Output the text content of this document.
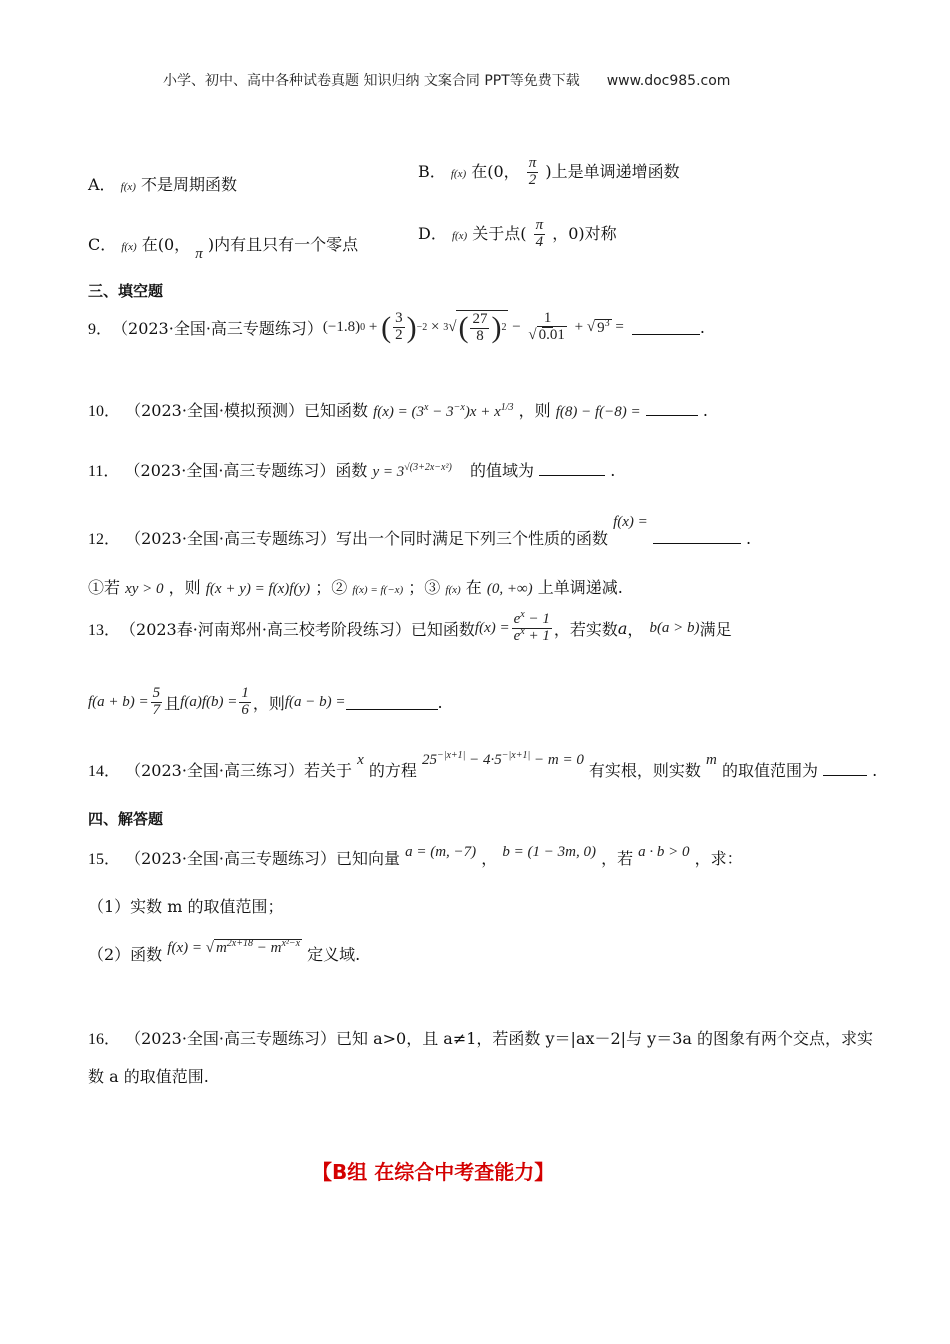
小学、初中、高中各种试卷真题 知识归纳 文案合同 PPT等免费下载 www.doc985.com
A． f(x) 不是周期函数
B． f(x) 在(0， $\frac{\pi}{2}$ )上是单调递增函数
C． f(x) 在(0， π )内有且只有一个零点
D． f(x) 关于点( $\frac{\pi}{4}$ ，0)对称
三、填空题
9． （2023·全国·高三专题练习） (−1.8) 0 + ( $\frac{3}{2}$ ) −2 × 3 √ ( $\frac{27}{8}$ ) $2 - \frac{1}{√ 0.01}$ + √ $9^3$ =	.
10． （2023·全国·模拟预测）已知函数 $f(x) = (3^x - 3^{-x})x + x^{1/3}$ ，则 f(8) − f(−8) =	.
11． （2023·全国·高三专题练习）函数 $y = 3^{√(3+2x-x^2)}$ 的值域为	.
12． （2023·全国·高三专题练习）写出一个同时满足下列三个性质的函数 f(x) =  .
①若 xy > 0 ，则 f(x + y) = f(x)f(y) ；② f(x) = f(−x) ；③ f(x) 在 (0, +∞) 上单调递减.
13． （2023春·河南郑州·高三校考阶段练习）已知函数 $f(x) = \frac{e^x - 1}{e^x + 1}$ ，若实数 a ， b(a > b) 满足
$f(a + b) = \frac{5}{7}$ 且 $f(a)f(b) = \frac{1}{6}$ ，则 f(a − b) =	.
14． （2023·全国·高三练习）若关于 x 的方程 $25^{-|x+1|} - 4\cdot 5^{-|x+1|} - m = 0$ 有实根，则实数 m 的取值范围为	.
四、解答题
15． （2023·全国·高三专题练习）已知向量 a = (m, −7) ， b = (1 − 3m, 0) ，若 a · b > 0 ，求：
（1）实数 m 的取值范围；
（2）函数 f(x) = √ $m^{2x+18} - m^{x^2-x}$ 定义域.
16． （2023·全国·高三专题练习）已知 a>0，且 a≠1，若函数 y＝|ax－2|与 y＝3a 的图象有两个交点，求实
数 a 的取值范围.
【B组 在综合中考查能力】
